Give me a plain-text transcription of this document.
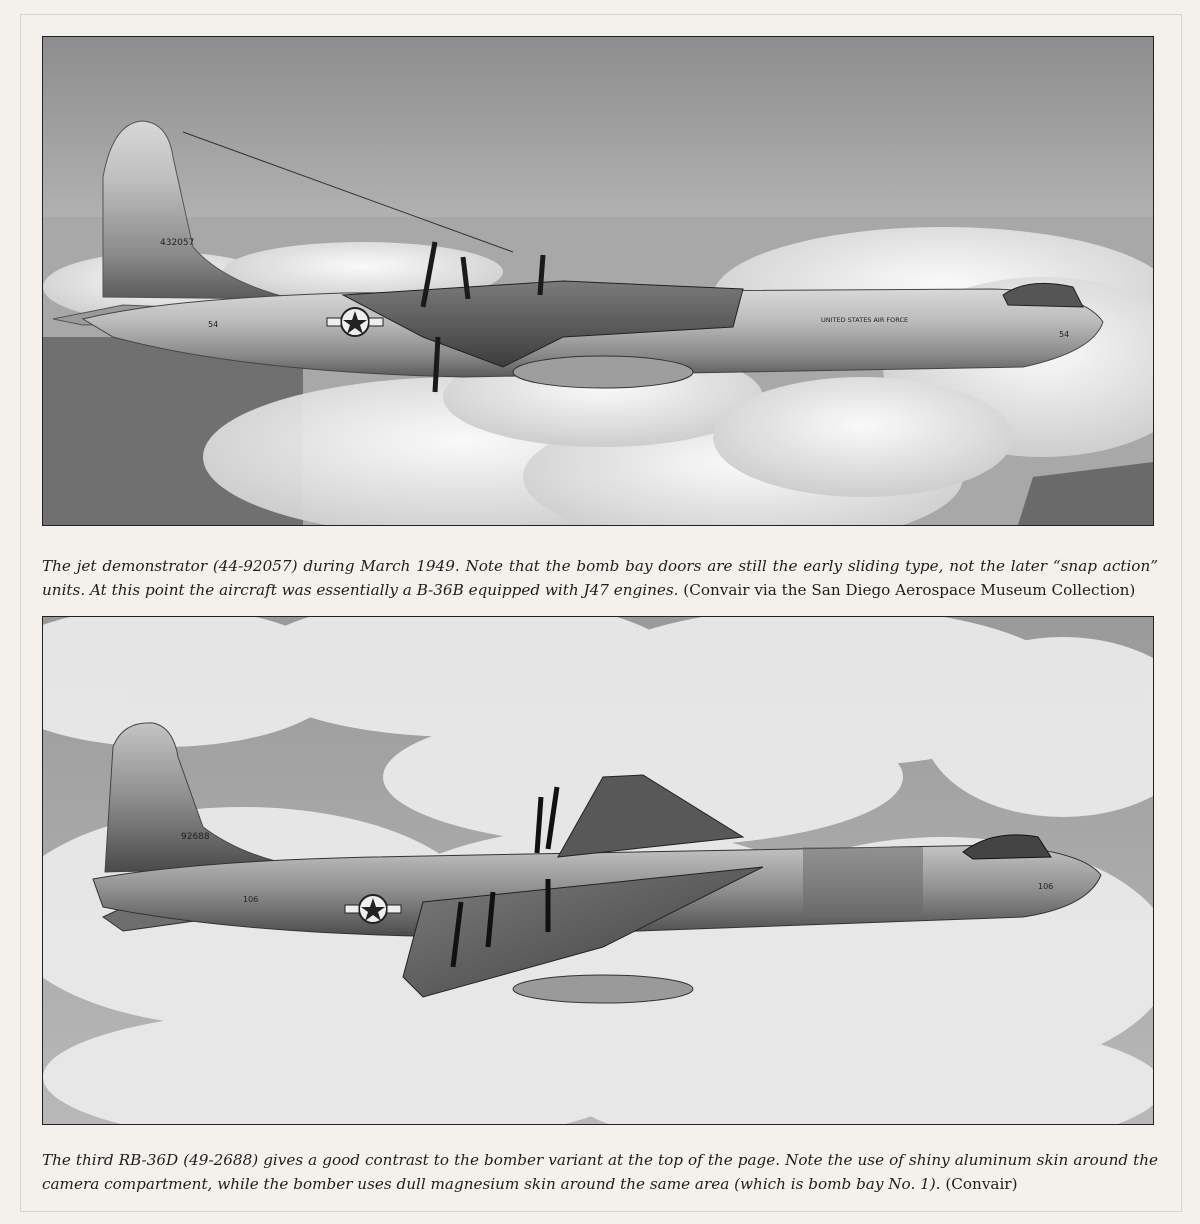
432057
UNITED STATES AIR FORCE
54
54
The jet demonstrator (44-92057) during March 1949. Note that the bomb bay doors are still the early sliding type, not the later “snap action” units. At this point the aircraft was essentially a B-36B equipped with J47 engines. (Convair via the San Diego Aerospace Museum Collection)
92688
106
106
The third RB-36D (49-2688) gives a good contrast to the bomber variant at the top of the page. Note the use of shiny aluminum skin around the camera compartment, while the bomber uses dull magnesium skin around the same area (which is bomb bay No. 1). (Convair)
